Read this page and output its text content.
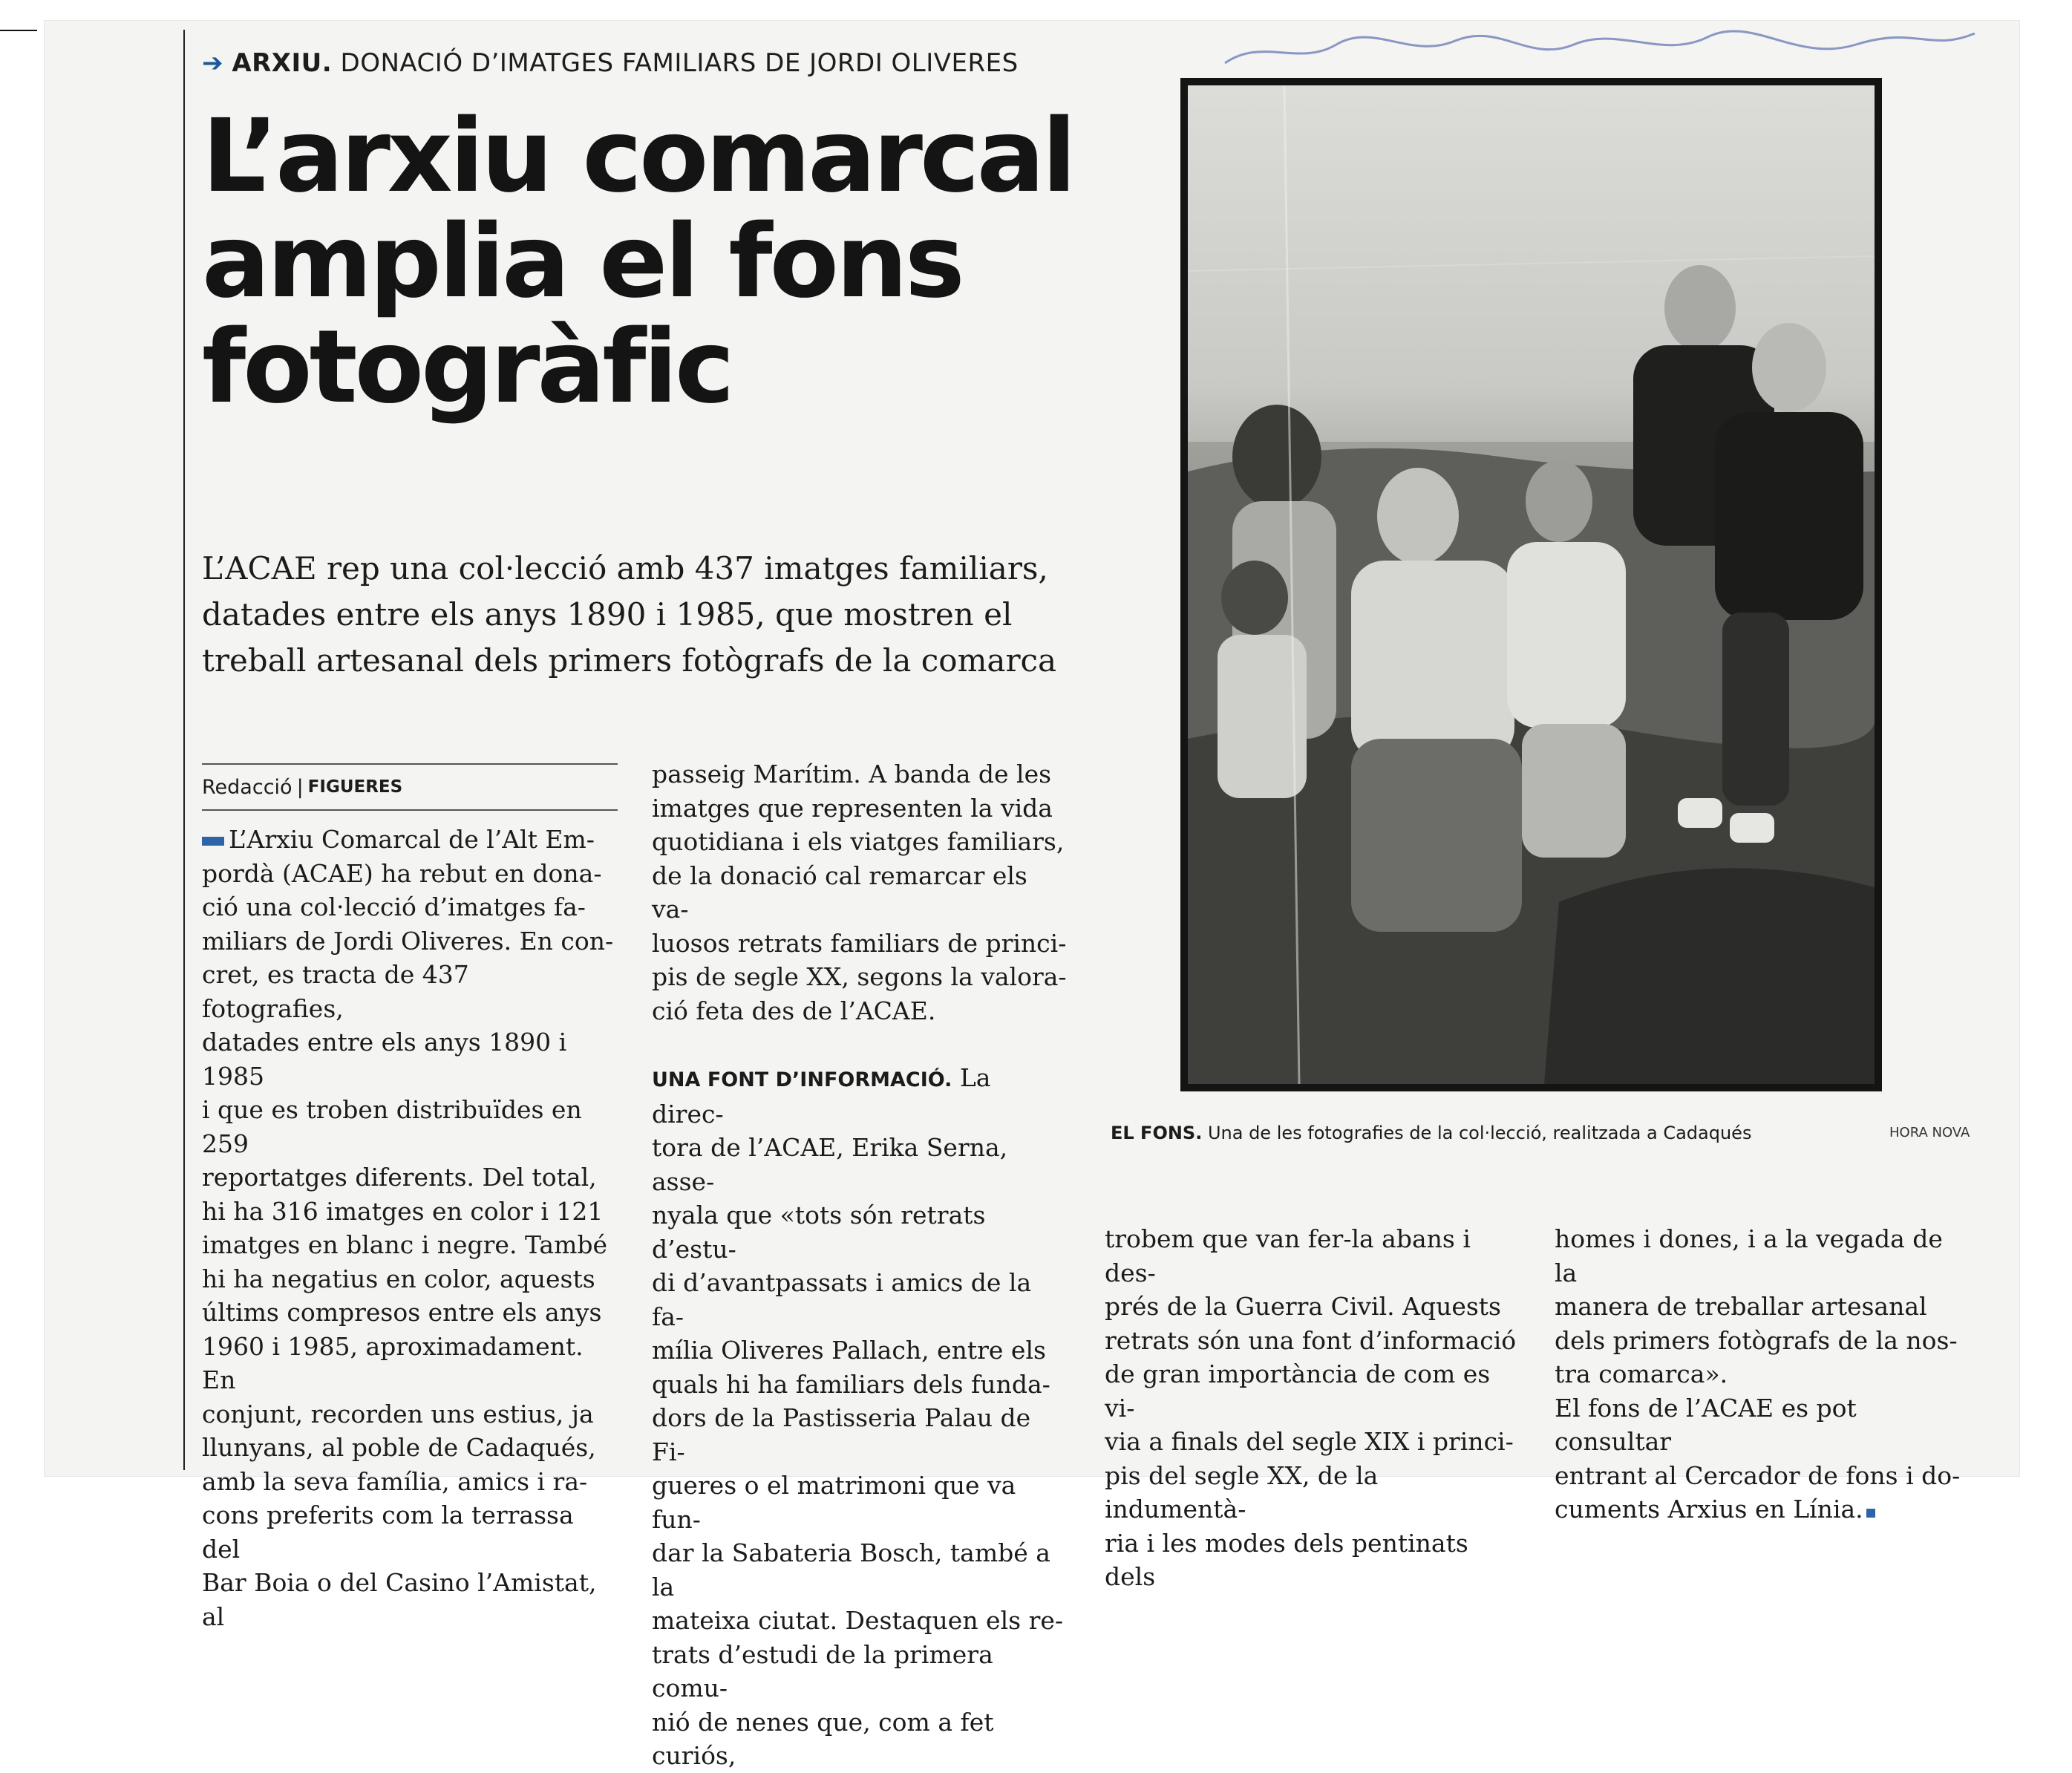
➔ ARXIU. DONACIÓ D’IMATGES FAMILIARS DE JORDI OLIVERES
L’arxiu comarcal
amplia el fons
fotogràfic
L’ACAE rep una col·lecció amb 437 imatges familiars, datades entre els anys 1890 i 1985, que mostren el treball artesanal dels primers fotògrafs de la comarca
Redacció | FIGUERES

L’Arxiu Comarcal de l’Alt Em-
pordà (ACAE) ha rebut en dona-
ció una col·lecció d’imatges fa-
miliars de Jordi Oliveres. En con-
cret, es tracta de 437 fotografies,
datades entre els anys 1890 i 1985
i que es troben distribuïdes en 259
reportatges diferents. Del total,
hi ha 316 imatges en color i 121
imatges en blanc i negre. També
hi ha negatius en color, aquests
últims compresos entre els anys
1960 i 1985, aproximadament. En
conjunt, recorden uns estius, ja
llunyans, al poble de Cadaqués,
amb la seva família, amics i ra-
cons preferits com la terrassa del
Bar Boia o del Casino l’Amistat, al

passeig Marítim. A banda de les
imatges que representen la vida
quotidiana i els viatges familiars,
de la donació cal remarcar els va-
luosos retrats familiars de princi-
pis de segle XX, segons la valora-
ció feta des de l’ACAE.

UNA FONT D’INFORMACIÓ. La direc-
tora de l’ACAE, Erika Serna, asse-
nyala que «tots són retrats d’estu-
di d’avantpassats i amics de la fa-
mília Oliveres Pallach, entre els
quals hi ha familiars dels funda-
dors de la Pastisseria Palau de Fi-
gueres o el matrimoni que va fun-
dar la Sabateria Bosch, també a la
mateixa ciutat. Destaquen els re-
trats d’estudi de la primera comu-
nió de nenes que, com a fet curiós,

trobem que van fer-la abans i des-
prés de la Guerra Civil. Aquests
retrats són una font d’informació
de gran importància de com es vi-
via a finals del segle XIX i princi-
pis del segle XX, de la indumentà-
ria i les modes dels pentinats dels

homes i dones, i a la vegada de la
manera de treballar artesanal
dels primers fotògrafs de la nos-
tra comarca».

El fons de l’ACAE es pot consultar
entrant al Cercador de fons i do-
cuments Arxius en Línia.

EL FONS. Una de les fotografies de la col·lecció, realitzada a Cadaqués	HORA NOVA
